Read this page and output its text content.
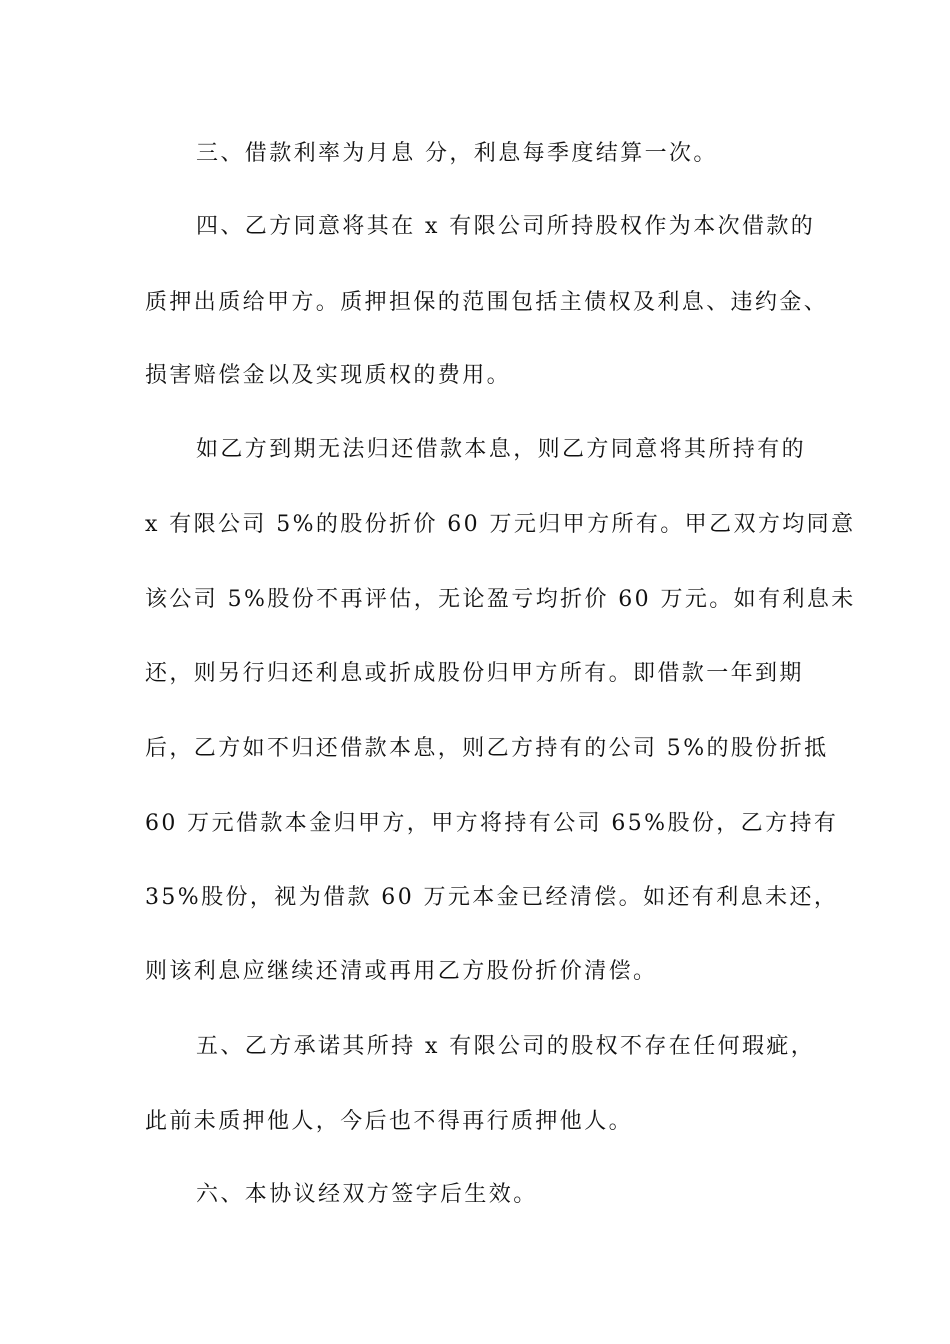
三、借款利率为月息 分，利息每季度结算一次。
四、乙方同意将其在 x 有限公司所持股权作为本次借款的
质押出质给甲方。质押担保的范围包括主债权及利息、违约金、
损害赔偿金以及实现质权的费用。
如乙方到期无法归还借款本息，则乙方同意将其所持有的
x 有限公司 5%的股份折价 60 万元归甲方所有。甲乙双方均同意
该公司 5%股份不再评估，无论盈亏均折价 60 万元。如有利息未
还，则另行归还利息或折成股份归甲方所有。即借款一年到期
后，乙方如不归还借款本息，则乙方持有的公司 5%的股份折抵
60 万元借款本金归甲方，甲方将持有公司 65%股份，乙方持有
35%股份，视为借款 60 万元本金已经清偿。如还有利息未还，
则该利息应继续还清或再用乙方股份折价清偿。
五、乙方承诺其所持 x 有限公司的股权不存在任何瑕疵，
此前未质押他人，今后也不得再行质押他人。
六、本协议经双方签字后生效。
